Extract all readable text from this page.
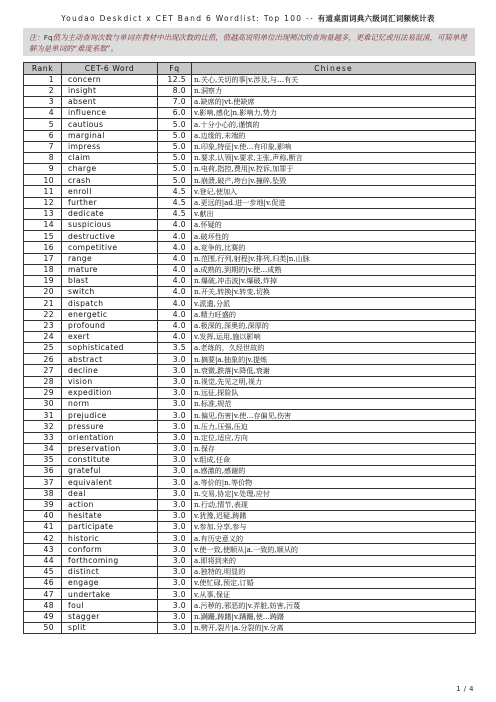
Youdao Deskdict x CET Band 6 Wordlist: Top 100 -- 有道桌面词典六级词汇词频统计表
注：Fq值为主动查询次数与单词在教材中出现次数的比值，值越高说明单位出现频次的查询量越多，更难记忆或用法易混淆，可简单理解为是单词的“难度系数”。
Rank	CET-6 Word	Fq	Chinese
1	concern	12.5	n.关心,关切的事|v.涉及,与…有关
2	insight	8.0	n.洞察力
3	absent	7.0	a.缺席的|vt.使缺席
4	influence	6.0	v.影响,感化|n.影响力,势力
5	cautious	5.0	a.十分小心的,谨慎的
6	marginal	5.0	a.边缘的,末端的
7	impress	5.0	n.印象,特征|v.使…有印象,影响
8	claim	5.0	n.要求,认领|v.要求,主张,声称,断言
9	charge	5.0	n.电荷,指控,费用|v.控诉,加罪于
10	crash	5.0	n.崩溃,破产,垮台|v.撞碎,坠毁
11	enroll	4.5	v.登记,使加入
12	further	4.5	a.更远的|ad.进一步地|v.促进
13	dedicate	4.5	v.献出
14	suspicious	4.0	a.怀疑的
15	destructive	4.0	a.破坏性的
16	competitive	4.0	a.竞争的,比赛的
17	range	4.0	n.范围,行列,射程|v.排列,归类|n.山脉
18	mature	4.0	a.成熟的,到期的|v.使…成熟
19	blast	4.0	n.爆破,冲击波|v.爆破,炸掉
20	switch	4.0	n.开关,转换|v.转变,切换
21	dispatch	4.0	v.派遣,分派
22	energetic	4.0	a.精力旺盛的
23	profound	4.0	a.极深的,深奥的,深厚的
24	exert	4.0	v.发挥,运用,施以影响
25	sophisticated	3.5	a.老练的，久经世故的
26	abstract	3.0	n.摘要|a.抽象的|v.提炼
27	decline	3.0	n.衰微,跌落|v.降低,衰谢
28	vision	3.0	n.视觉,先见之明,视力
29	expedition	3.0	n.远征,探险队
30	norm	3.0	n.标准,规范
31	prejudice	3.0	n.偏见,伤害|v.使…存偏见,伤害
32	pressure	3.0	n.压力,压强,压迫
33	orientation	3.0	n.定位,适应,方向
34	preservation	3.0	n.保存
35	constitute	3.0	v.组成,任命
36	grateful	3.0	a.感激的,感谢的
37	equivalent	3.0	a.等价的|n.等价物
38	deal	3.0	n.交易,协定|v.处理,应付
39	action	3.0	n.行动,情节,表现
40	hesitate	3.0	v.犹豫,迟疑,踌躇
41	participate	3.0	v.参加,分享,参与
42	historic	3.0	a.有历史意义的
43	conform	3.0	v.使一致,使顺从|a.一致的,顺从的
44	forthcoming	3.0	a.即将到来的
45	distinct	3.0	a.独特的,明显的
46	engage	3.0	v.使忙碌,预定,订婚
47	undertake	3.0	v.从事,保证
48	foul	3.0	a.污秽的,邪恶的|v.弄脏,妨害,污蔑
49	stagger	3.0	n.蹒跚,踌躇|v.蹒跚,使…踌躇
50	split	3.0	n.劈开,裂片|a.分裂的|v.分离
1 / 4
